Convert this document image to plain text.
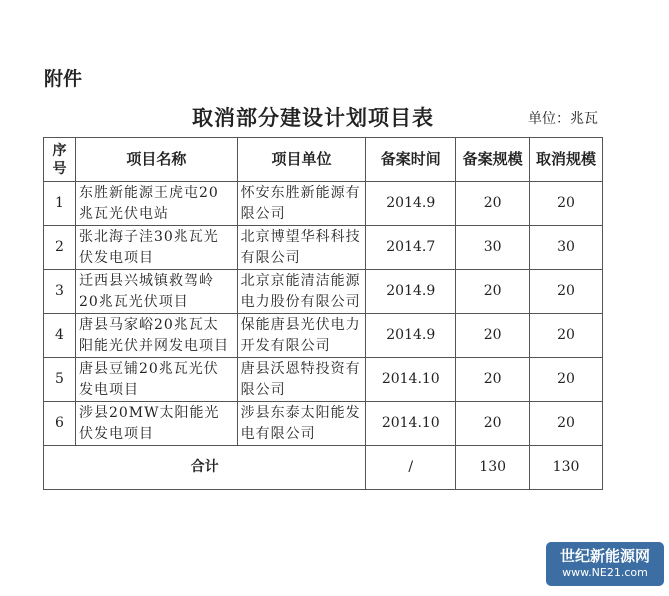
附件
取消部分建设计划项目表	单位：兆瓦
序号	项目名称	项目单位	备案时间	备案规模	取消规模
1	东胜新能源王虎屯20兆瓦光伏电站	怀安东胜新能源有限公司	2014.9	20	20
2	张北海子洼30兆瓦光伏发电项目	北京博望华科科技有限公司	2014.7	30	30
3	迁西县兴城镇救驾岭20兆瓦光伏项目	北京京能清洁能源电力股份有限公司	2014.9	20	20
4	唐县马家峪20兆瓦太阳能光伏并网发电项目	保能唐县光伏电力开发有限公司	2014.9	20	20
5	唐县豆铺20兆瓦光伏发电项目	唐县沃恩特投资有限公司	2014.10	20	20
6	涉县20MW太阳能光伏发电项目	涉县东泰太阳能发电有限公司	2014.10	20	20
合计			/	130	130
世纪新能源网
www.NE21.com
